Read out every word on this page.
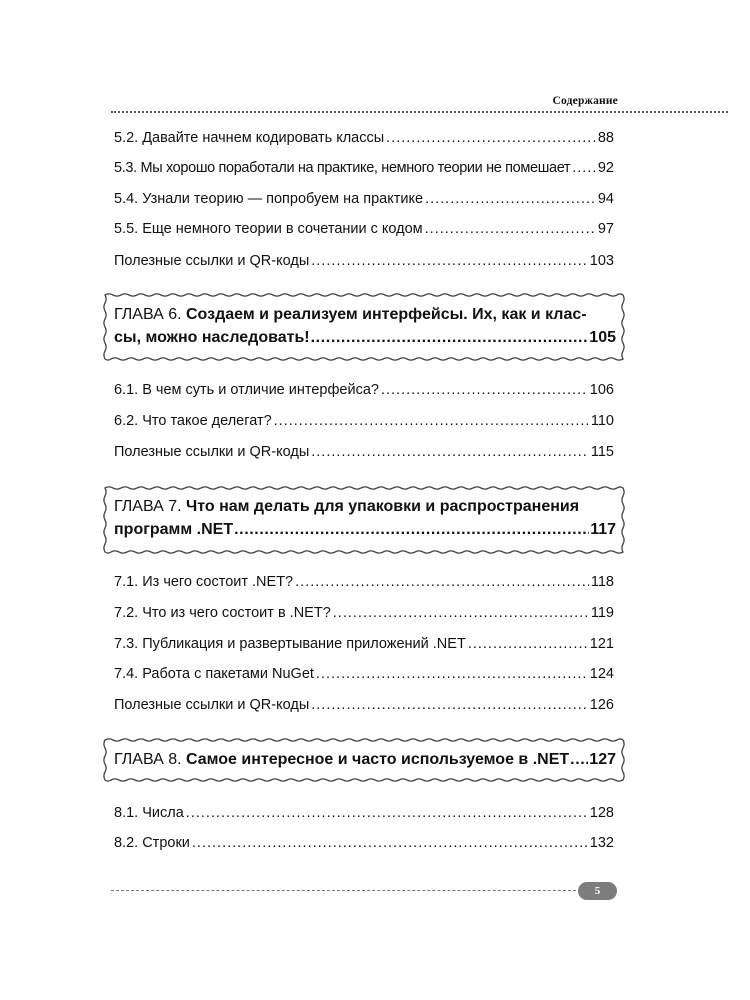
Содержание
5.2. Давайте начнем кодировать классы .....	88
5.3. Мы хорошо поработали на практике, немного теории не помешает ..... 92
5.4. Узнали теорию — попробуем на практике .....	94
5.5. Еще немного теории в сочетании с кодом .....	97
Полезные ссылки и QR-коды .....	103
ГЛАВА 6.
Создаем и реализуем интерфейсы. Их, как и клас-
сы, можно наследовать! .....	105
6.1. В чем суть и отличие интерфейса? .....	106
6.2. Что такое делегат? .....	110
Полезные ссылки и QR-коды .....	115
ГЛАВА 7.
Что нам делать для упаковки и распространения
программ .NET .....	117
7.1. Из чего состоит .NET? .....	118
7.2. Что из чего состоит в .NET? .....	119
7.3. Публикация и развертывание приложений .NET .....	121
7.4. Работа с пакетами NuGet .....	124
Полезные ссылки и QR-коды .....	126
ГЛАВА 8.
Самое интересное и часто используемое в .NET ..... 127
8.1. Числа .....	128
8.2. Строки .....	132
5
